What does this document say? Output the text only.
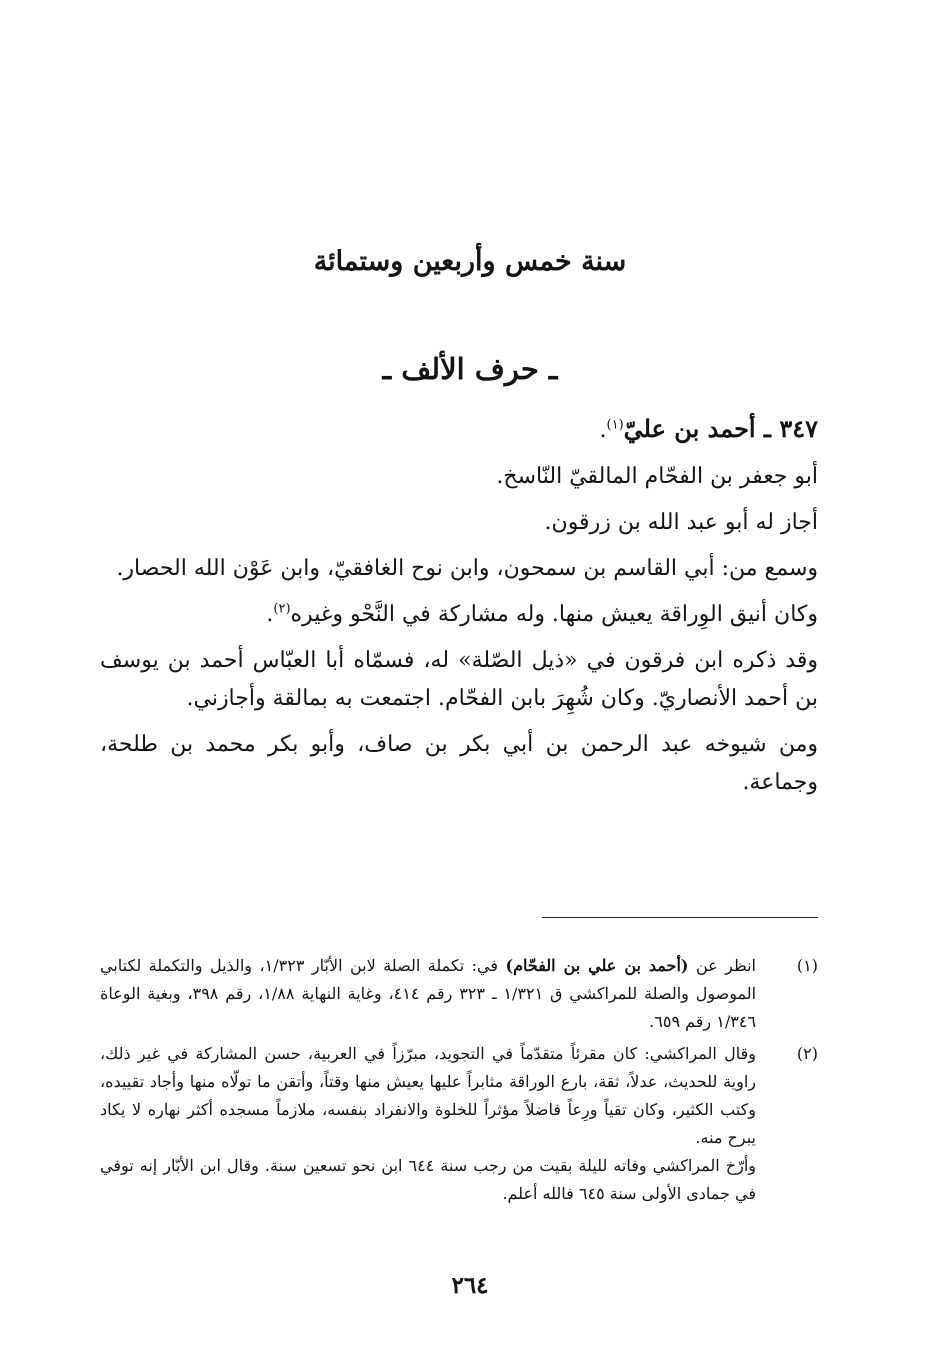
سنة خمس وأربعين وستمائة
ـ حرف الألف ـ

٣٤٧ ـ أحمد بن عليّ$^{(١)}$.

أبو جعفر بن الفحّام المالقيّ النّاسخ.

أجاز له أبو عبد الله بن زرقون.

وسمع من: أبي القاسم بن سمحون، وابن نوح الغافقيّ، وابن عَوْن الله الحصار.

وكان أنيق الوِراقة يعيش منها. وله مشاركة في النَّحْو وغيره$^{(٢)}$.

وقد ذكره ابن فرقون في «ذيل الصّلة» له، فسمّاه أبا العبّاس أحمد بن يوسف بن أحمد الأنصاريّ. وكان شُهِرَ بابن الفحّام. اجتمعت به بمالقة وأجازني.

ومن شيوخه عبد الرحمن بن أبي بكر بن صاف، وأبو بكر محمد بن طلحة، وجماعة.

(١)
انظر عن (أحمد بن علي بن الفحّام) في: تكملة الصلة لابن الأبّار ١/٣٢٣، والذيل والتكملة لكتابي الموصول والصلة للمراكشي ق ١/٣٢١ ـ ٣٢٣ رقم ٤١٤، وغاية النهاية ١/٨٨، رقم ٣٩٨، وبغية الوعاة ١/٣٤٦ رقم ٦٥٩.
(٢)

وقال المراكشي: كان مقرئاً متقدّماً في التجويد، مبرّزاً في العربية، حسن المشاركة في غير ذلك، راوية للحديث، عدلاً، ثقة، بارع الوراقة مثابراً عليها يعيش منها وقتاً، وأتقن ما تولّاه منها وأجاد تقييده، وكتب الكثير، وكان تقياً ورِعاً فاضلاً مؤثراً للخلوة والانفراد بنفسه، ملازماً مسجده أكثر نهاره لا يكاد يبرح منه.

وأرّخ المراكشي وفاته لليلة بقيت من رجب سنة ٦٤٤ ابن نحو تسعين سنة. وقال ابن الأبّار إنه توفي في جمادى الأولى سنة ٦٤٥ فالله أعلم.

٢٦٤
